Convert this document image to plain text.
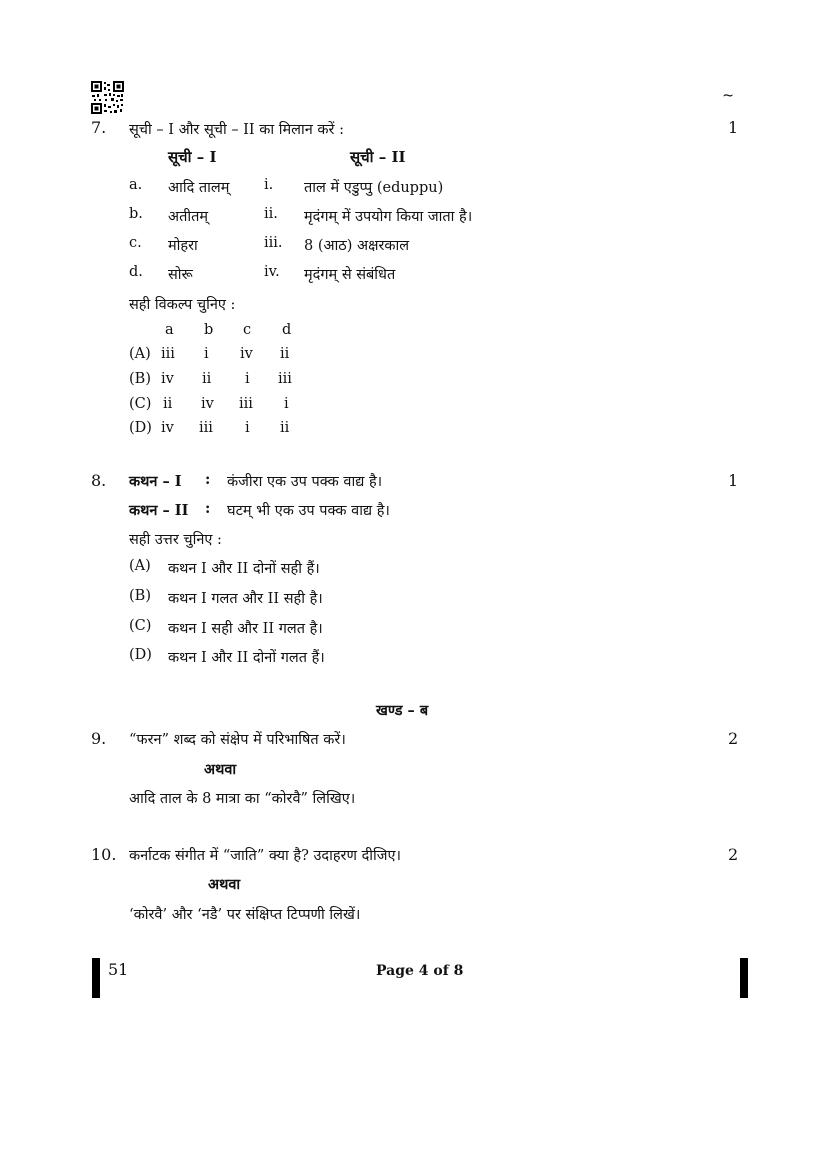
~
7. सूची – I और सूची – II का मिलान करें :	1
सूची – I	सूची – II
a. आदि तालम् i. ताल में एडुप्पु (eduppu)
b. अतीतम्	ii. मृदंगम् में उपयोग किया जाता है।
c. मोहरा	iii. 8 (आठ) अक्षरकाल
d. सोरू	iv. मृदंगम् से संबंधित
सही विकल्प चुनिए :
a b c d
(A) iii i iv ii
(B) iv ii i iii
(C) ii iv iii i
(D) iv iii i ii
8. कथन – I : कंजीरा एक उप पक्क वाद्य है।	1
कथन – II : घटम् भी एक उप पक्क वाद्य है।
सही उत्तर चुनिए :
(A) कथन I और II दोनों सही हैं।
(B) कथन I गलत और II सही है।
(C) कथन I सही और II गलत है।
(D) कथन I और II दोनों गलत हैं।
खण्ड – ब
9. “फरन” शब्द को संक्षेप में परिभाषित करें।	2
अथवा
आदि ताल के 8 मात्रा का “कोरवै” लिखिए।
10. कर्नाटक संगीत में “जाति” क्या है? उदाहरण दीजिए।	2
अथवा
‘कोरवै’ और ‘नडै’ पर संक्षिप्त टिप्पणी लिखें।
51	Page 4 of 8
